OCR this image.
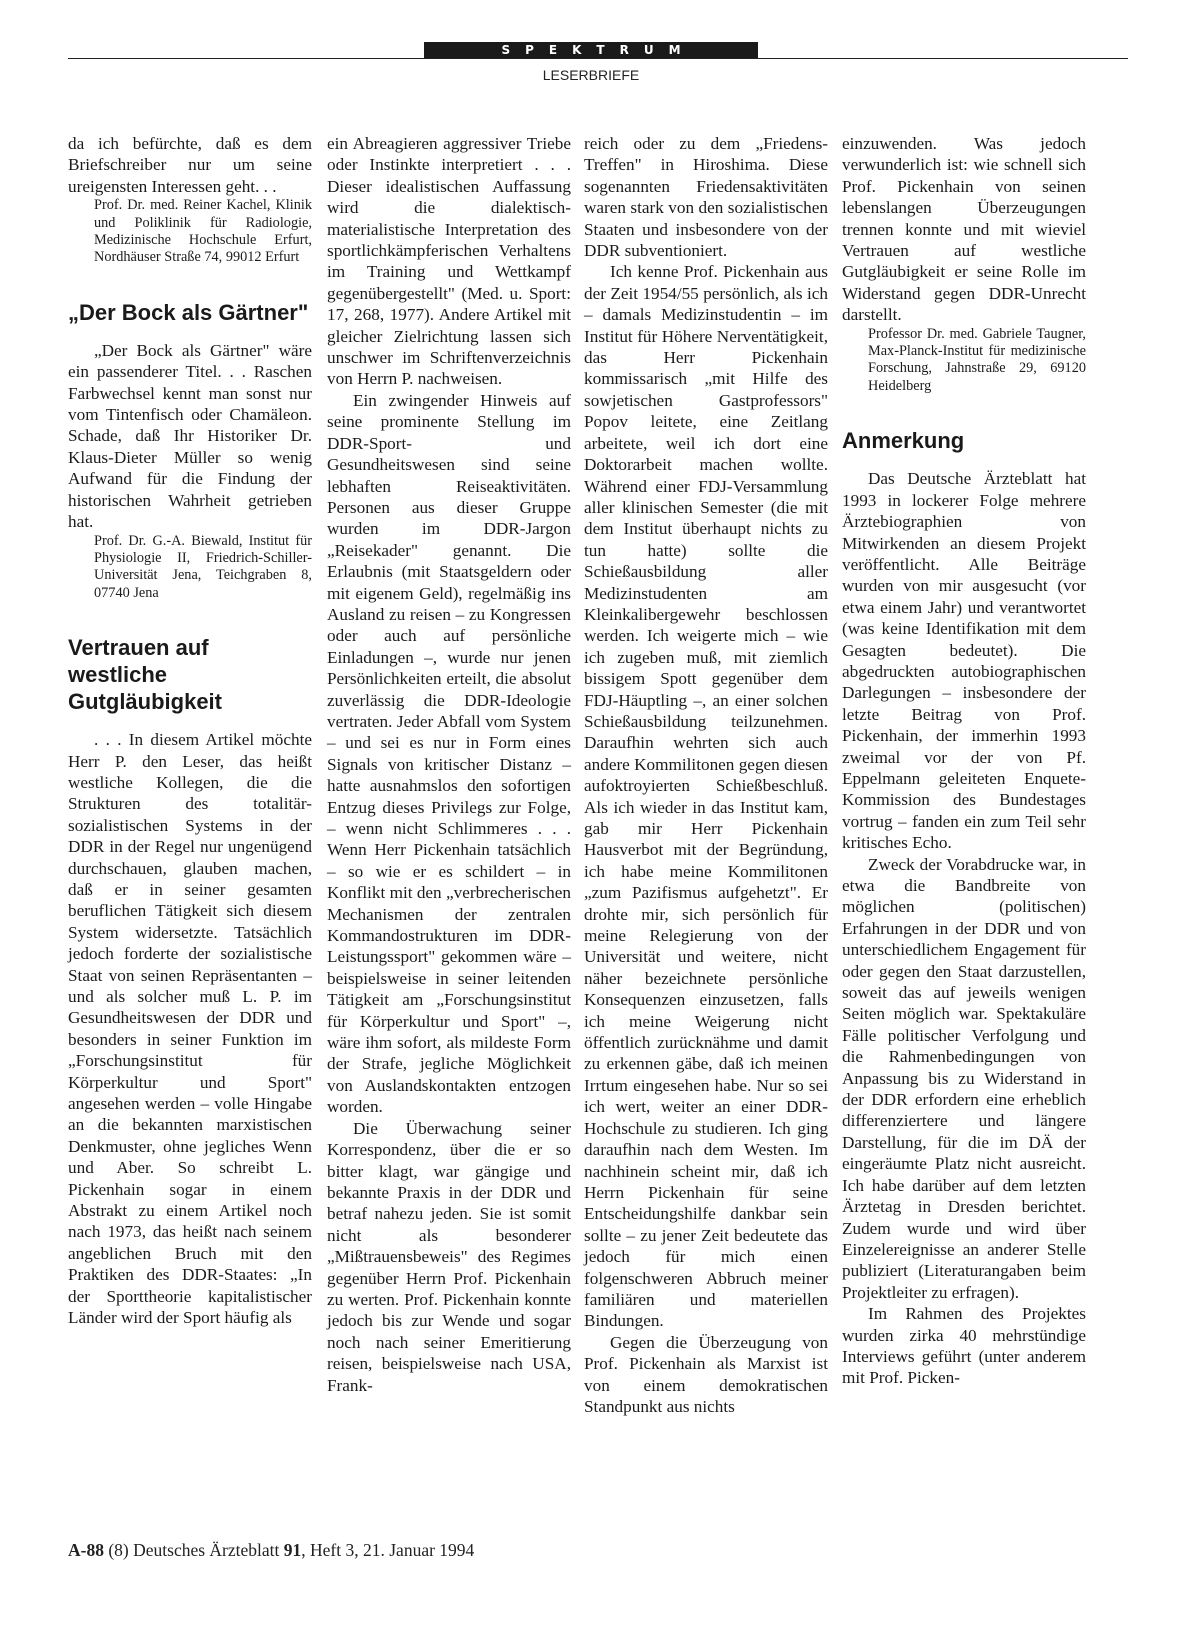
SPEKTRUM
LESERBRIEFE

da ich befürchte, daß es dem Briefschreiber nur um seine ureigensten Interessen geht. . .

Prof. Dr. med. Reiner Kachel, Klinik und Poliklinik für Radiologie, Medizinische Hochschule Erfurt, Nordhäuser Straße 74, 99012 Erfurt

„Der Bock als Gärtner"

„Der Bock als Gärtner" wäre ein passenderer Titel. . . Raschen Farbwechsel kennt man sonst nur vom Tintenfisch oder Chamäleon. Schade, daß Ihr Historiker Dr. Klaus-Dieter Müller so wenig Aufwand für die Findung der historischen Wahrheit getrieben hat.

Prof. Dr. G.-A. Biewald, Institut für Physiologie II, Friedrich-Schiller-Universität Jena, Teichgraben 8, 07740 Jena

Vertrauen auf westliche Gutgläubigkeit

. . . In diesem Artikel möchte Herr P. den Leser, das heißt westliche Kollegen, die die Strukturen des totalitär-sozialistischen Systems in der DDR in der Regel nur ungenügend durchschauen, glauben machen, daß er in seiner gesamten beruflichen Tätigkeit sich diesem System widersetzte. Tatsächlich jedoch forderte der sozialistische Staat von seinen Repräsentanten – und als solcher muß L. P. im Gesundheitswesen der DDR und besonders in seiner Funktion im „Forschungsinstitut für Körperkultur und Sport" angesehen werden – volle Hingabe an die bekannten marxistischen Denkmuster, ohne jegliches Wenn und Aber. So schreibt L. Pickenhain sogar in einem Abstrakt zu einem Artikel noch nach 1973, das heißt nach seinem angeblichen Bruch mit den Praktiken des DDR-Staates: „In der Sporttheorie kapitalistischer Länder wird der Sport häufig als

ein Abreagieren aggressiver Triebe oder Instinkte interpretiert . . . Dieser idealistischen Auffassung wird die dialektisch-materialistische Interpretation des sportlichkämpferischen Verhaltens im Training und Wettkampf gegenübergestellt" (Med. u. Sport: 17, 268, 1977). Andere Artikel mit gleicher Zielrichtung lassen sich unschwer im Schriftenverzeichnis von Herrn P. nachweisen.

Ein zwingender Hinweis auf seine prominente Stellung im DDR-Sport- und Gesundheitswesen sind seine lebhaften Reiseaktivitäten. Personen aus dieser Gruppe wurden im DDR-Jargon „Reisekader" genannt. Die Erlaubnis (mit Staatsgeldern oder mit eigenem Geld), regelmäßig ins Ausland zu reisen – zu Kongressen oder auch auf persönliche Einladungen –, wurde nur jenen Persönlichkeiten erteilt, die absolut zuverlässig die DDR-Ideologie vertraten. Jeder Abfall vom System – und sei es nur in Form eines Signals von kritischer Distanz – hatte ausnahmslos den sofortigen Entzug dieses Privilegs zur Folge, – wenn nicht Schlimmeres . . . Wenn Herr Pickenhain tatsächlich – so wie er es schildert – in Konflikt mit den „verbrecherischen Mechanismen der zentralen Kommandostrukturen im DDR-Leistungssport" gekommen wäre – beispielsweise in seiner leitenden Tätigkeit am „Forschungsinstitut für Körperkultur und Sport" –, wäre ihm sofort, als mildeste Form der Strafe, jegliche Möglichkeit von Auslandskontakten entzogen worden.

Die Überwachung seiner Korrespondenz, über die er so bitter klagt, war gängige und bekannte Praxis in der DDR und betraf nahezu jeden. Sie ist somit nicht als besonderer „Mißtrauensbeweis" des Regimes gegenüber Herrn Prof. Pickenhain zu werten. Prof. Pickenhain konnte jedoch bis zur Wende und sogar noch nach seiner Emeritierung reisen, beispielsweise nach USA, Frank-

reich oder zu dem „Friedens-Treffen" in Hiroshima. Diese sogenannten Friedensaktivitäten waren stark von den sozialistischen Staaten und insbesondere von der DDR subventioniert.

Ich kenne Prof. Pickenhain aus der Zeit 1954/55 persönlich, als ich – damals Medizinstudentin – im Institut für Höhere Nerventätigkeit, das Herr Pickenhain kommissarisch „mit Hilfe des sowjetischen Gastprofessors" Popov leitete, eine Zeitlang arbeitete, weil ich dort eine Doktorarbeit machen wollte. Während einer FDJ-Versammlung aller klinischen Semester (die mit dem Institut überhaupt nichts zu tun hatte) sollte die Schießausbildung aller Medizinstudenten am Kleinkalibergewehr beschlossen werden. Ich weigerte mich – wie ich zugeben muß, mit ziemlich bissigem Spott gegenüber dem FDJ-Häuptling –, an einer solchen Schießausbildung teilzunehmen. Daraufhin wehrten sich auch andere Kommilitonen gegen diesen aufoktroyierten Schießbeschluß. Als ich wieder in das Institut kam, gab mir Herr Pickenhain Hausverbot mit der Begründung, ich habe meine Kommilitonen „zum Pazifismus aufgehetzt". Er drohte mir, sich persönlich für meine Relegierung von der Universität und weitere, nicht näher bezeichnete persönliche Konsequenzen einzusetzen, falls ich meine Weigerung nicht öffentlich zurücknähme und damit zu erkennen gäbe, daß ich meinen Irrtum eingesehen habe. Nur so sei ich wert, weiter an einer DDR-Hochschule zu studieren. Ich ging daraufhin nach dem Westen. Im nachhinein scheint mir, daß ich Herrn Pickenhain für seine Entscheidungshilfe dankbar sein sollte – zu jener Zeit bedeutete das jedoch für mich einen folgenschweren Abbruch meiner familiären und materiellen Bindungen.

Gegen die Überzeugung von Prof. Pickenhain als Marxist ist von einem demokratischen Standpunkt aus nichts

einzuwenden. Was jedoch verwunderlich ist: wie schnell sich Prof. Pickenhain von seinen lebenslangen Überzeugungen trennen konnte und mit wieviel Vertrauen auf westliche Gutgläubigkeit er seine Rolle im Widerstand gegen DDR-Unrecht darstellt.

Professor Dr. med. Gabriele Taugner, Max-Planck-Institut für medizinische Forschung, Jahnstraße 29, 69120 Heidelberg

Anmerkung

Das Deutsche Ärzteblatt hat 1993 in lockerer Folge mehrere Ärztebiographien von Mitwirkenden an diesem Projekt veröffentlicht. Alle Beiträge wurden von mir ausgesucht (vor etwa einem Jahr) und verantwortet (was keine Identifikation mit dem Gesagten bedeutet). Die abgedruckten autobiographischen Darlegungen – insbesondere der letzte Beitrag von Prof. Pickenhain, der immerhin 1993 zweimal vor der von Pf. Eppelmann geleiteten Enquete-Kommission des Bundestages vortrug – fanden ein zum Teil sehr kritisches Echo.

Zweck der Vorabdrucke war, in etwa die Bandbreite von möglichen (politischen) Erfahrungen in der DDR und von unterschiedlichem Engagement für oder gegen den Staat darzustellen, soweit das auf jeweils wenigen Seiten möglich war. Spektakuläre Fälle politischer Verfolgung und die Rahmenbedingungen von Anpassung bis zu Widerstand in der DDR erfordern eine erheblich differenziertere und längere Darstellung, für die im DÄ der eingeräumte Platz nicht ausreicht. Ich habe darüber auf dem letzten Ärztetag in Dresden berichtet. Zudem wurde und wird über Einzelereignisse an anderer Stelle publiziert (Literaturangaben beim Projektleiter zu erfragen).

Im Rahmen des Projektes wurden zirka 40 mehrstündige Interviews geführt (unter anderem mit Prof. Picken-

A-88 (8) Deutsches Ärzteblatt 91, Heft 3, 21. Januar 1994
